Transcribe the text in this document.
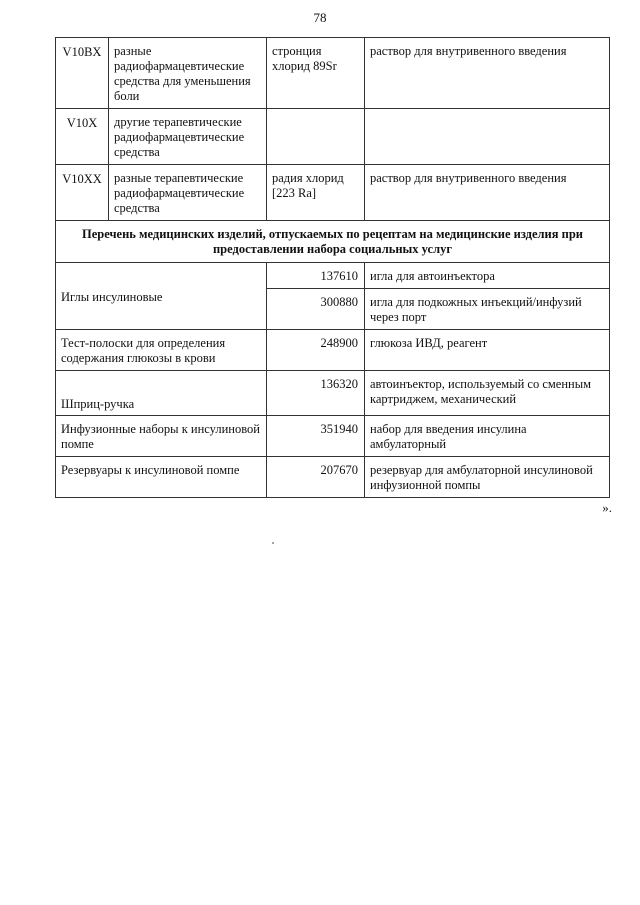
78
V10BX	разные радиофармацевтические средства для уменьшения боли	стронция хлорид 89Sr	раствор для внутривенного введения
V10X	другие терапевтические радиофармацевтические средства		
V10XX	разные терапевтические радиофармацевтические средства	радия хлорид [223 Ra]	раствор для внутривенного введения
Перечень медицинских изделий, отпускаемых по рецептам на медицинские изделия при предоставлении набора социальных услуг			
Иглы инсулиновые		137610	игла для автоинъектора
		300880	игла для подкожных инъекций/инфузий через порт
Тест-полоски для определения содержания глюкозы в крови		248900	глюкоза ИВД, реагент
Шприц-ручка		136320	автоинъектор, используемый со сменным картриджем, механический
Инфузионные наборы к инсулиновой помпе		351940	набор для введения инсулина амбулаторный
Резервуары к инсулиновой помпе		207670	резервуар для амбулаторной инсулиновой инфузионной помпы
».
